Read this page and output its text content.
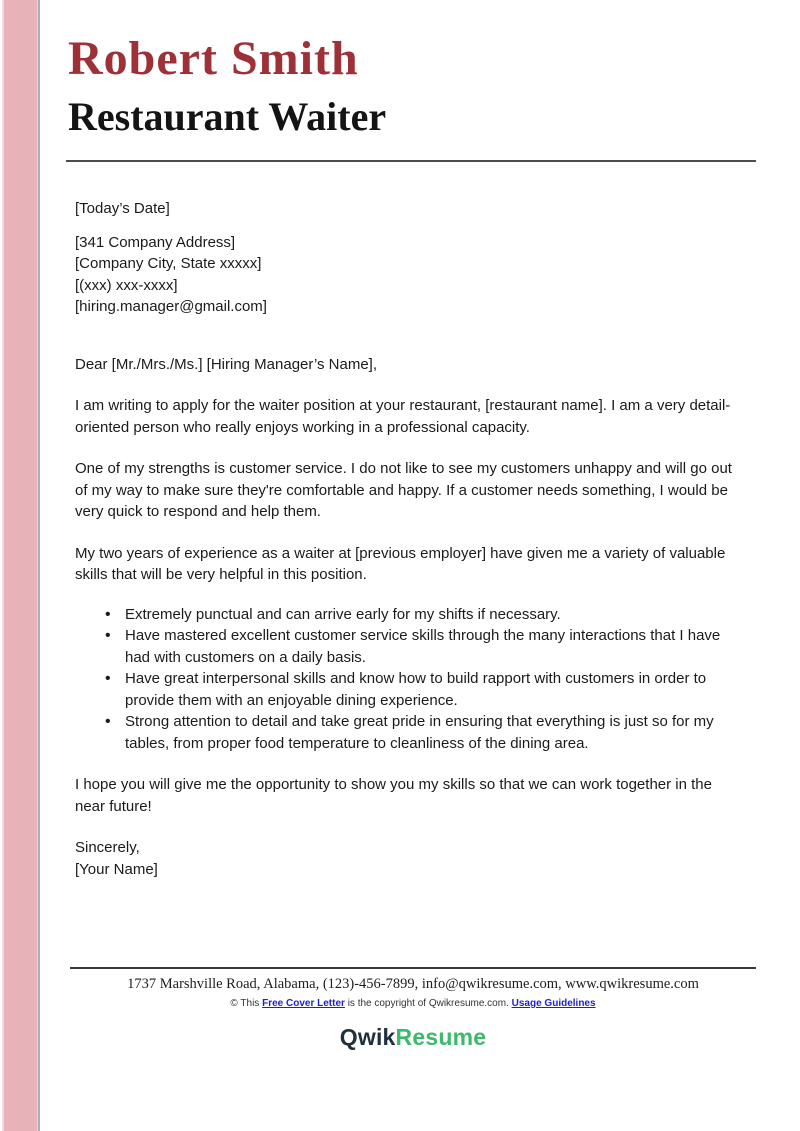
Robert Smith
Restaurant Waiter
[Today’s Date]
[341 Company Address]
[Company City, State xxxxx]
[(xxx) xxx-xxxx]
[hiring.manager@gmail.com]
Dear [Mr./Mrs./Ms.] [Hiring Manager’s Name],

I am writing to apply for the waiter position at your restaurant, [restaurant name]. I am a very detail-oriented person who really enjoys working in a professional capacity.

One of my strengths is customer service. I do not like to see my customers unhappy and will go out of my way to make sure they're comfortable and happy. If a customer needs something, I would be very quick to respond and help them.

My two years of experience as a waiter at [previous employer] have given me a variety of valuable skills that will be very helpful in this position.

• Extremely punctual and can arrive early for my shifts if necessary.
• Have mastered excellent customer service skills through the many interactions that I have had with customers on a daily basis.
• Have great interpersonal skills and know how to build rapport with customers in order to provide them with an enjoyable dining experience.
• Strong attention to detail and take great pride in ensuring that everything is just so for my tables, from proper food temperature to cleanliness of the dining area.

I hope you will give me the opportunity to show you my skills so that we can work together in the near future!

Sincerely,
[Your Name]
1737 Marshville Road, Alabama, (123)-456-7899, info@qwikresume.com, www.qwikresume.com
© This Free Cover Letter is the copyright of Qwikresume.com. Usage Guidelines
QwikResume
